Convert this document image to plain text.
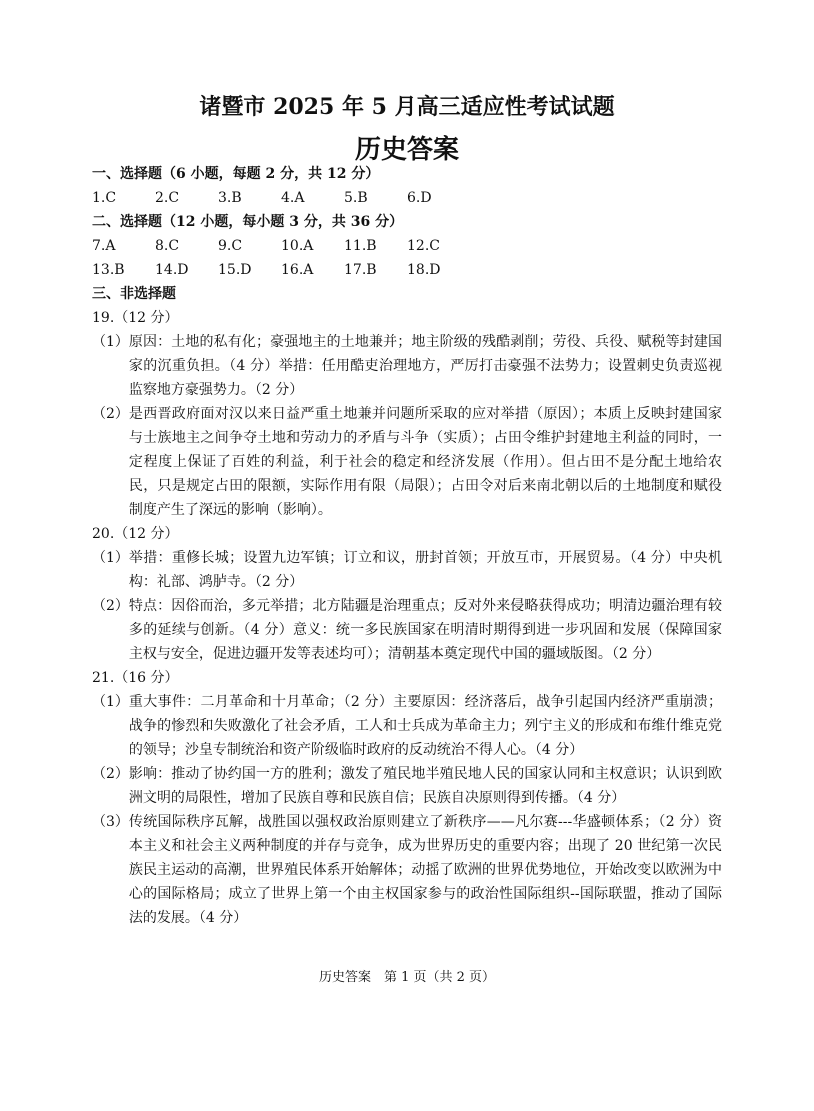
诸暨市 2025 年 5 月高三适应性考试试题
历史答案
一、选择题（6 小题，每题 2 分，共 12 分）
1.C	2.C	3.B	4.A	5.B	6.D
二、选择题（12 小题，每小题 3 分，共 36 分）
7.A	8.C	9.C	10.A	11.B	12.C
13.B	14.D	15.D	16.A	17.B	18.D
三、非选择题
19.（12 分）
（1） 原因：土地的私有化；豪强地主的土地兼并；地主阶级的残酷剥削；劳役、兵役、赋税等封建国家的沉重负担。（4 分）举措：任用酷吏治理地方，严厉打击豪强不法势力；设置刺史负责巡视监察地方豪强势力。（2 分）
（2） 是西晋政府面对汉以来日益严重土地兼并问题所采取的应对举措（原因）；本质上反映封建国家与士族地主之间争夺土地和劳动力的矛盾与斗争（实质）；占田令维护封建地主利益的同时，一定程度上保证了百姓的利益，利于社会的稳定和经济发展（作用）。但占田不是分配土地给农民，只是规定占田的限额，实际作用有限（局限）；占田令对后来南北朝以后的土地制度和赋役制度产生了深远的影响（影响）。
20.（12 分）
（1） 举措：重修长城；设置九边军镇；订立和议，册封首领；开放互市，开展贸易。（4 分）中央机构：礼部、鸿胪寺。（2 分）
（2） 特点：因俗而治，多元举措；北方陆疆是治理重点；反对外来侵略获得成功；明清边疆治理有较多的延续与创新。（4 分）意义：统一多民族国家在明清时期得到进一步巩固和发展（保障国家主权与安全，促进边疆开发等表述均可）；清朝基本奠定现代中国的疆域版图。（2 分）
21.（16 分）
（1） 重大事件：二月革命和十月革命；（2 分）主要原因：经济落后，战争引起国内经济严重崩溃；战争的惨烈和失败激化了社会矛盾，工人和士兵成为革命主力；列宁主义的形成和布维什维克党的领导；沙皇专制统治和资产阶级临时政府的反动统治不得人心。（4 分）
（2） 影响：推动了协约国一方的胜利；激发了殖民地半殖民地人民的国家认同和主权意识；认识到欧洲文明的局限性，增加了民族自尊和民族自信；民族自决原则得到传播。（4 分）
（3） 传统国际秩序瓦解，战胜国以强权政治原则建立了新秩序——凡尔赛---华盛顿体系；（2 分）资本主义和社会主义两种制度的并存与竞争，成为世界历史的重要内容；出现了 20 世纪第一次民族民主运动的高潮，世界殖民体系开始解体；动摇了欧洲的世界优势地位，开始改变以欧洲为中心的国际格局；成立了世界上第一个由主权国家参与的政治性国际组织--国际联盟，推动了国际法的发展。（4 分）
历史答案　第 1 页（共 2 页）
